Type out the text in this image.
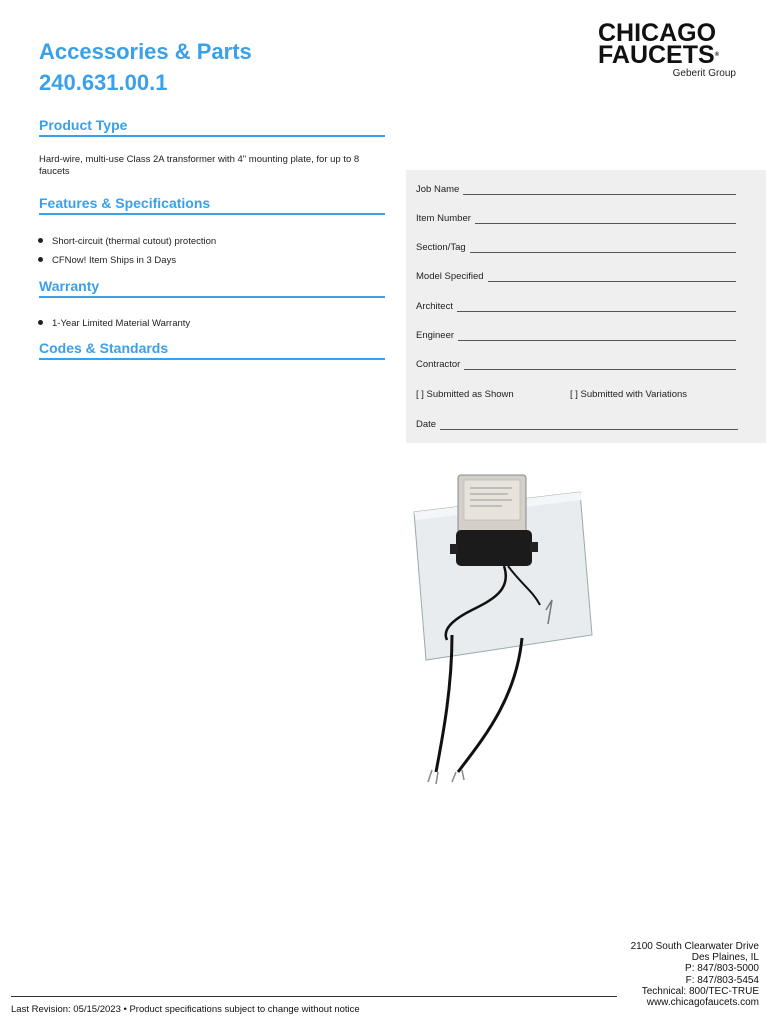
Accessories & Parts
240.631.00.1
CHICAGO
FAUCETS®
Geberit Group
Product Type
Hard-wire, multi-use Class 2A transformer with 4" mounting plate, for up to 8 faucets
Features & Specifications
Short-circuit (thermal cutout) protection
CFNow! Item Ships in 3 Days
Warranty
1-Year Limited Material Warranty
Codes & Standards
Job Name
Item Number
Section/Tag
Model Specified
Architect
Engineer
Contractor
[ ] Submitted as Shown	[ ] Submitted with Variations
Date
2100 South Clearwater Drive
Des Plaines, IL
P: 847/803-5000
F: 847/803-5454
Technical: 800/TEC-TRUE
www.chicagofaucets.com
Last Revision: 05/15/2023 • Product specifications subject to change without notice
